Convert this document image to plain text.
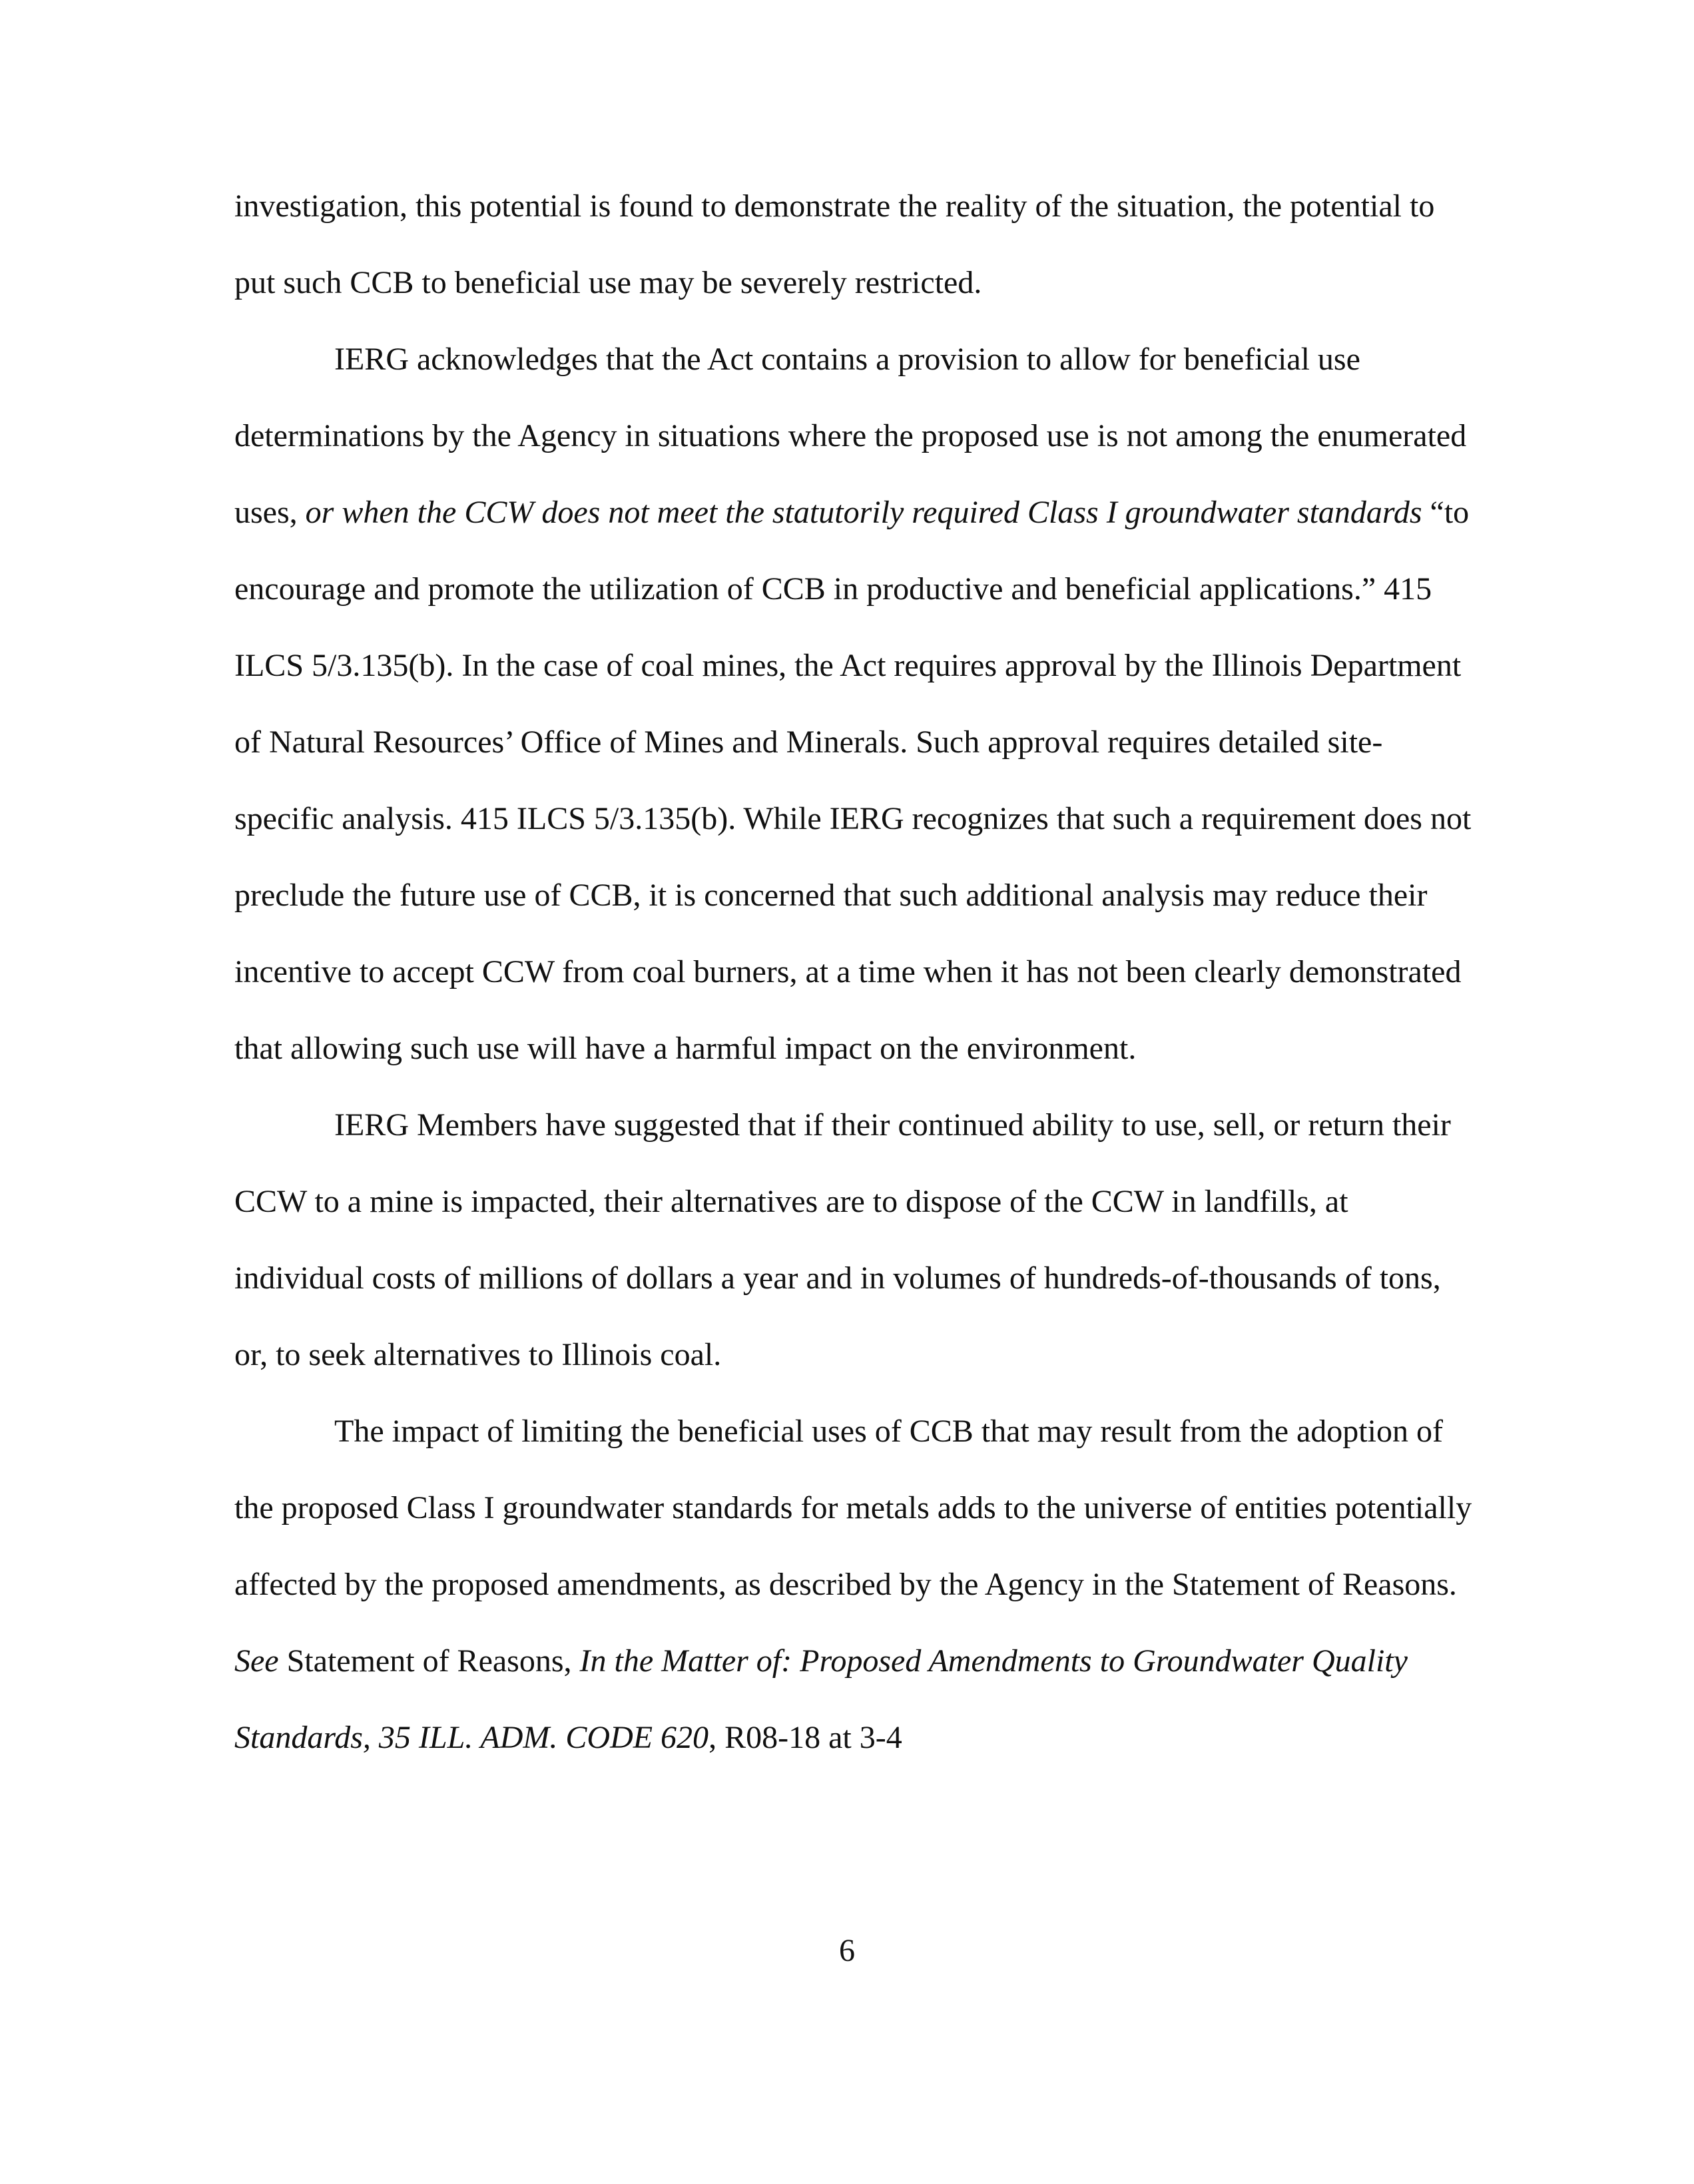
investigation, this potential is found to demonstrate the reality of the situation, the potential to put such CCB to beneficial use may be severely restricted.

IERG acknowledges that the Act contains a provision to allow for beneficial use determinations by the Agency in situations where the proposed use is not among the enumerated uses, or when the CCW does not meet the statutorily required Class I groundwater standards “to encourage and promote the utilization of CCB in productive and beneficial applications.” 415 ILCS 5/3.135(b). In the case of coal mines, the Act requires approval by the Illinois Department of Natural Resources’ Office of Mines and Minerals. Such approval requires detailed site-specific analysis. 415 ILCS 5/3.135(b). While IERG recognizes that such a requirement does not preclude the future use of CCB, it is concerned that such additional analysis may reduce their incentive to accept CCW from coal burners, at a time when it has not been clearly demonstrated that allowing such use will have a harmful impact on the environment.

IERG Members have suggested that if their continued ability to use, sell, or return their CCW to a mine is impacted, their alternatives are to dispose of the CCW in landfills, at individual costs of millions of dollars a year and in volumes of hundreds-of-thousands of tons, or, to seek alternatives to Illinois coal.

The impact of limiting the beneficial uses of CCB that may result from the adoption of the proposed Class I groundwater standards for metals adds to the universe of entities potentially affected by the proposed amendments, as described by the Agency in the Statement of Reasons. See Statement of Reasons, In the Matter of: Proposed Amendments to Groundwater Quality Standards, 35 ILL. ADM. CODE 620, R08-18 at 3-4

6
